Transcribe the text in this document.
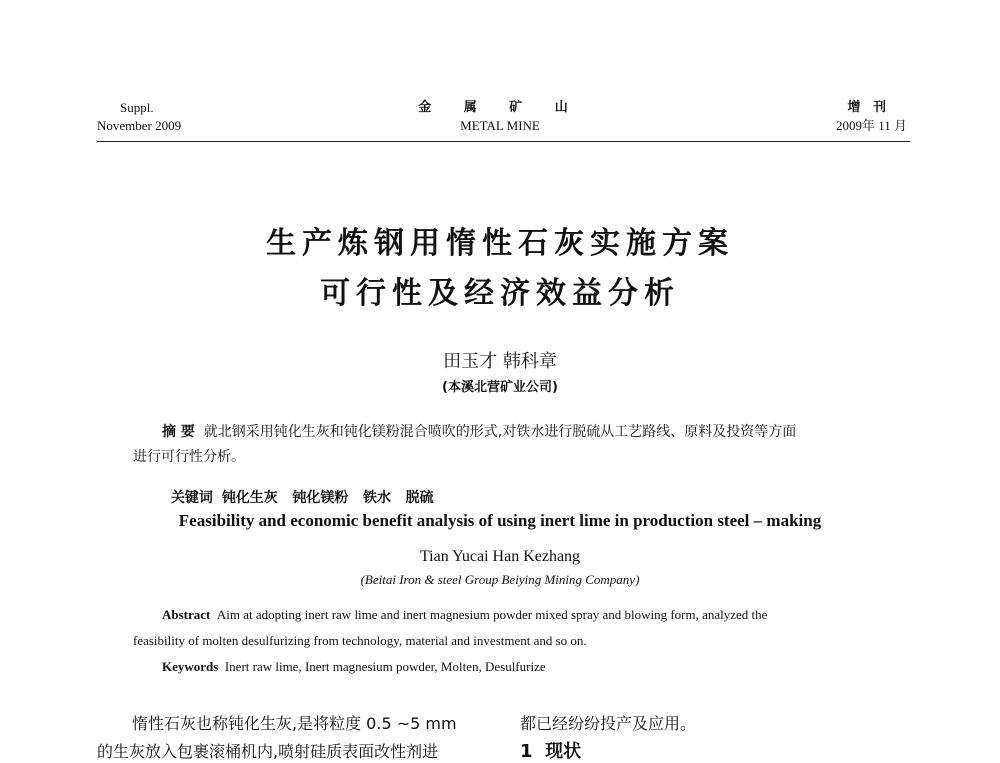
Suppl.
November 2009
金 属 矿 山
METAL MINE
增 刊
2009年 11 月
生产炼钢用惰性石灰实施方案
可行性及经济效益分析
田玉才 韩科章
(本溪北营矿业公司)
摘 要 就北钢采用钝化生灰和钝化镁粉混合喷吹的形式,对铁水进行脱硫从工艺路线、原料及投资等方面
进行可行性分析。

关键词 钝化生灰   钝化镁粉   铁水   脱硫

Feasibility and economic benefit analysis of using inert lime in production steel – making
Tian Yucai Han Kezhang
(Beitai Iron & steel Group Beiying Mining Company)
Abstract Aim at adopting inert raw lime and inert magnesium powder mixed spray and blowing form, analyzed the
feasibility of molten desulfurizing from technology, material and investment and so on.
Keywords Inert raw lime, Inert magnesium powder, Molten, Desulfurize
惰性石灰也称钝化生灰,是将粒度 0.5 ~5 mm
的生灰放入包裹滚桶机内,喷射硅质表面改性剂进
都已经纷纷投产及应用。
1 现状
